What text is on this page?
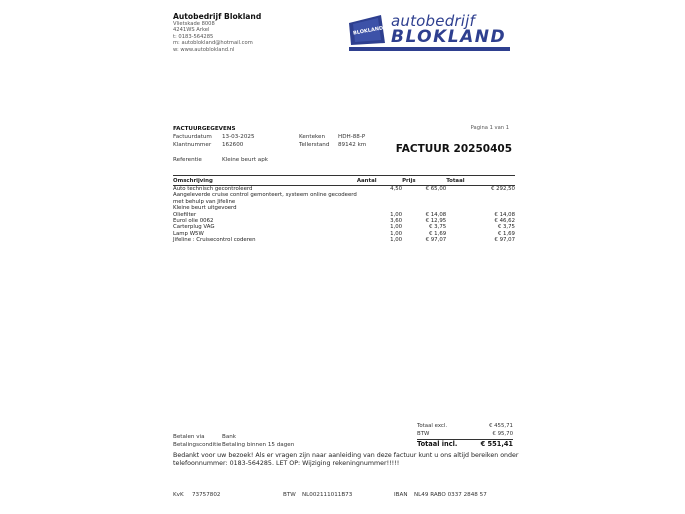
Autobedrijf Blokland
Vlietskade 8008
4241WS Arkel
t: 0183-564285
m: autoblokland@hotmail.com
w: www.autoblokland.nl
BLOKLAND
autobedrijf
BLOKLAND
Pagina 1 van 1
FACTUURGEGEVENS
Factuurdatum 13-03-2025
Klantnummer 162600
Kenteken HDH-88-P
Tellerstand 89142 km
Referentie	Kleine beurt apk
FACTUUR 20250405
Omschrijving	Aantal	Prijs	Totaal

Auto technisch gecontroleerd
Aangeleverde cruise control gemonteert, systeem online gecodeerd
met behulp van Jifeline
Kleine beurt uitgevoerd	4,50	€ 65,00	€ 292,50
Oliefilter	1,00	€ 14,08	€ 14,08
Eurol olie 0062	3,60	€ 12,95	€ 46,62
Carterplug VAG	1,00	€ 3,75	€ 3,75
Lamp W5W	1,00	€ 1,69	€ 1,69
Jifeline : Cruisecontrol coderen	1,00	€ 97,07	€ 97,07
Totaal excl.	€ 455,71
BTW	€ 95,70
Totaal incl.	€ 551,41
Betalen via	Bank
Betalingsconditie Betaling binnen 15 dagen
Bedankt voor uw bezoek! Als er vragen zijn naar aanleiding van deze factuur kunt u ons altijd bereiken onder
telefoonnummer: 0183-564285. LET OP: Wijziging rekeningnummer!!!!!
KvK 73757802	BTW NL002111011B73	IBAN NL49 RABO 0337 2848 57
